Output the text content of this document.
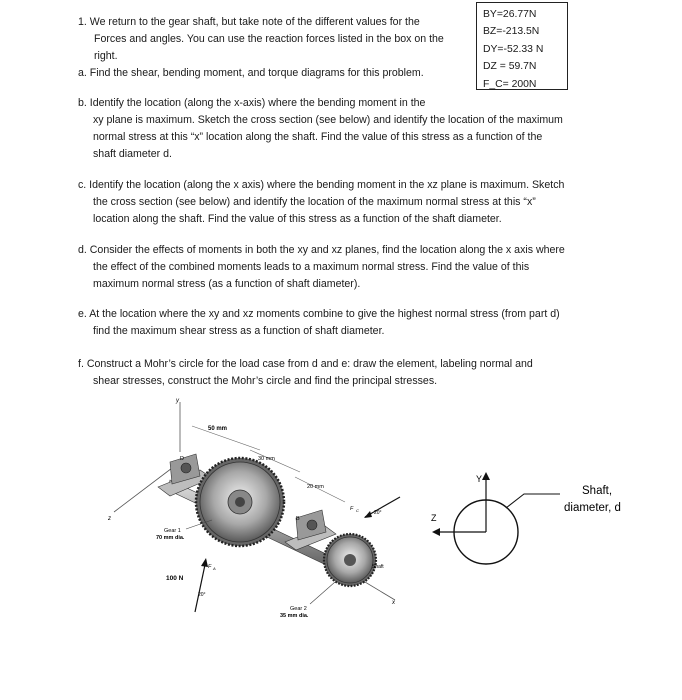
BY=26.77N
BZ=-213.5N
DY=-52.33 N
DZ = 59.7N
F_C= 200N
1. We return to the gear shaft, but take note of the different values for the
Forces and angles. You can use the reaction forces listed in the box on the
right.
a. Find the shear, bending moment, and torque diagrams for this problem.
b. Identify the location (along the x-axis) where the bending moment in the
xy plane is maximum. Sketch the cross section (see below) and identify the location of the maximum
normal stress at this “x” location along the shaft. Find the value of this stress as a function of the
shaft diameter d.
c. Identify the location (along the x axis) where the bending moment in the xz plane is maximum. Sketch
the cross section (see below) and identify the location of the maximum normal stress at this “x”
location along the shaft. Find the value of this stress as a function of the shaft diameter.
d. Consider the effects of moments in both the xy and xz planes, find the location along the x axis where
the effect of the combined moments leads to a maximum normal stress. Find the value of this
maximum normal stress (as a function of shaft diameter).
e. At the location where the xy and xz moments combine to give the highest normal stress (from part d)
find the maximum shear stress as a function of shaft diameter.
f. Construct a Mohr’s circle for the load case from d and e: draw the element, labeling normal and
shear stresses, construct the Mohr’s circle and find the principal stresses.
y
z
x
50 mm
30 mm
20 mm
D
B
F C	20°
Shaft
F A
20°
Gear 1
70 mm dia.
100 N
Gear 2
35 mm dia.
Y
Z
Shaft,
diameter, d
